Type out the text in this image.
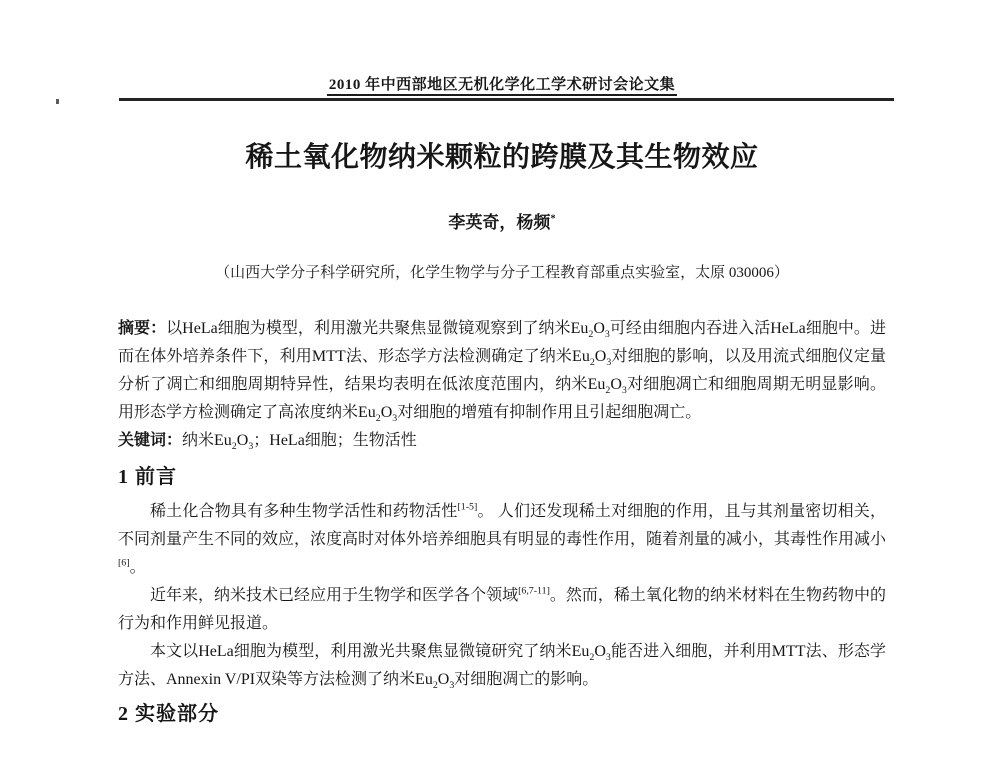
2010 年中西部地区无机化学化工学术研讨会论文集
稀土氧化物纳米颗粒的跨膜及其生物效应
李英奇，杨频*
（山西大学分子科学研究所，化学生物学与分子工程教育部重点实验室，太原 030006）
摘要：以HeLa细胞为模型，利用激光共聚焦显微镜观察到了纳米$Eu_2O_3$可经由细胞内吞进入活HeLa细胞中。进而在体外培养条件下，利用MTT法、形态学方法检测确定了纳米$Eu_2O_3$对细胞的影响，以及用流式细胞仪定量分析了凋亡和细胞周期特异性，结果均表明在低浓度范围内，纳米$Eu_2O_3$对细胞凋亡和细胞周期无明显影响。用形态学方检测确定了高浓度纳米$Eu_2O_3$对细胞的增殖有抑制作用且引起细胞凋亡。
关键词：纳米$Eu_2O_3$；HeLa细胞；生物活性
1 前言
稀土化合物具有多种生物学活性和药物活性[1-5]。 人们还发现稀土对细胞的作用，且与其剂量密切相关，不同剂量产生不同的效应，浓度高时对体外培养细胞具有明显的毒性作用，随着剂量的减小，其毒性作用减小[6]。
近年来，纳米技术已经应用于生物学和医学各个领域[6,7-11]。然而，稀土氧化物的纳米材料在生物药物中的行为和作用鲜见报道。
本文以HeLa细胞为模型，利用激光共聚焦显微镜研究了纳米$Eu_2O_3$能否进入细胞，并利用MTT法、形态学方法、Annexin V/PI双染等方法检测了纳米$Eu_2O_3$对细胞凋亡的影响。
2 实验部分
